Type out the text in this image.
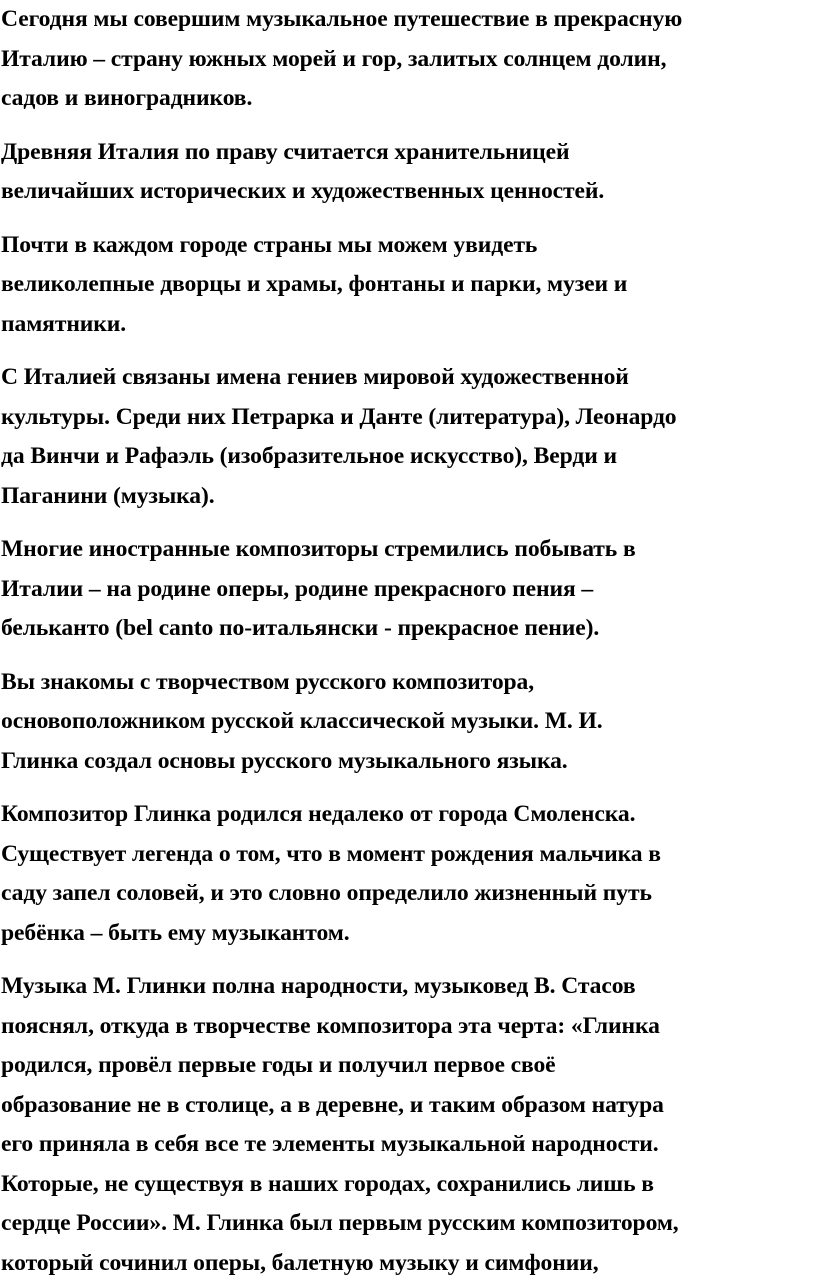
Сегодня мы совершим музыкальное путешествие в прекрасную
Италию – страну южных морей и гор, залитых солнцем долин,
садов и виноградников.

Древняя Италия по праву считается хранительницей
величайших исторических и художественных ценностей.

Почти в каждом городе страны мы можем увидеть
великолепные дворцы и храмы, фонтаны и парки, музеи и
памятники.

С Италией связаны имена гениев мировой художественной
культуры. Среди них Петрарка и Данте (литература), Леонардо
да Винчи и Рафаэль (изобразительное искусство), Верди и
Паганини (музыка).

Многие иностранные композиторы стремились побывать в
Италии – на родине оперы, родине прекрасного пения –
бельканто (bel canto по-итальянски - прекрасное пение).

Вы знакомы с творчеством русского композитора,
основоположником русской классической музыки. М. И.
Глинка создал основы русского музыкального языка.

Композитор Глинка родился недалеко от города Смоленска.
Существует легенда о том, что в момент рождения мальчика в
саду запел соловей, и это словно определило жизненный путь
ребёнка – быть ему музыкантом.

Музыка М. Глинки полна народности, музыковед В. Стасов
пояснял, откуда в творчестве композитора эта черта: «Глинка
родился, провёл первые годы и получил первое своё
образование не в столице, а в деревне, и таким образом натура
его приняла в себя все те элементы музыкальной народности.
Которые, не существуя в наших городах, сохранились лишь в
сердце России». М. Глинка был первым русским композитором,
который сочинил оперы, балетную музыку и симфонии,
